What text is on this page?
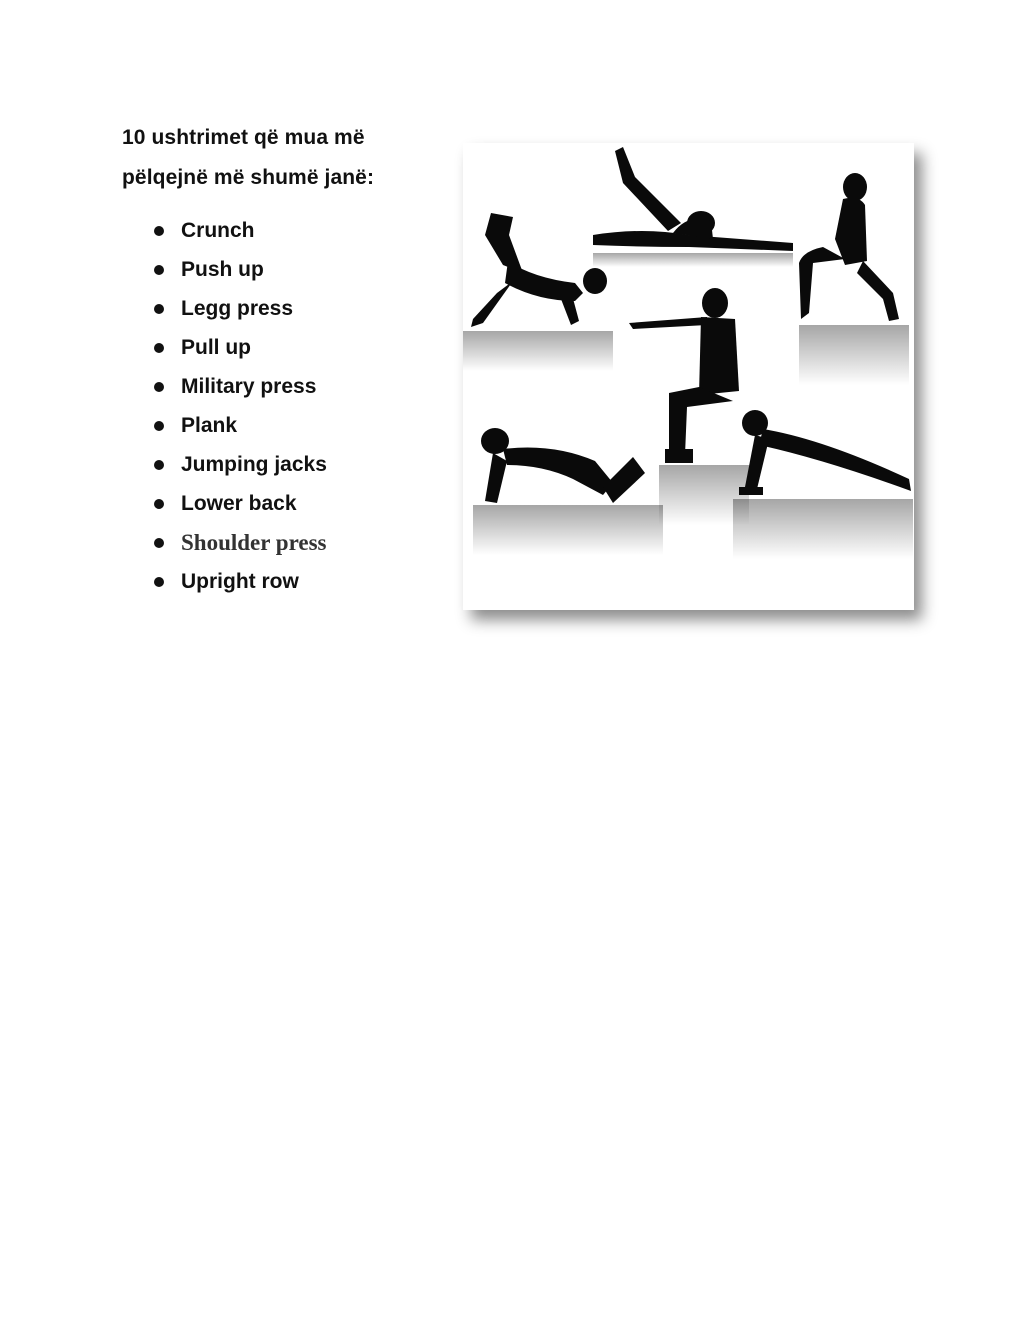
10 ushtrimet që mua më
pëlqejnë më shumë janë:

Crunch
Push up
Legg press
Pull up
Military press
Plank
Jumping jacks
Lower back
Shoulder press
Upright row
